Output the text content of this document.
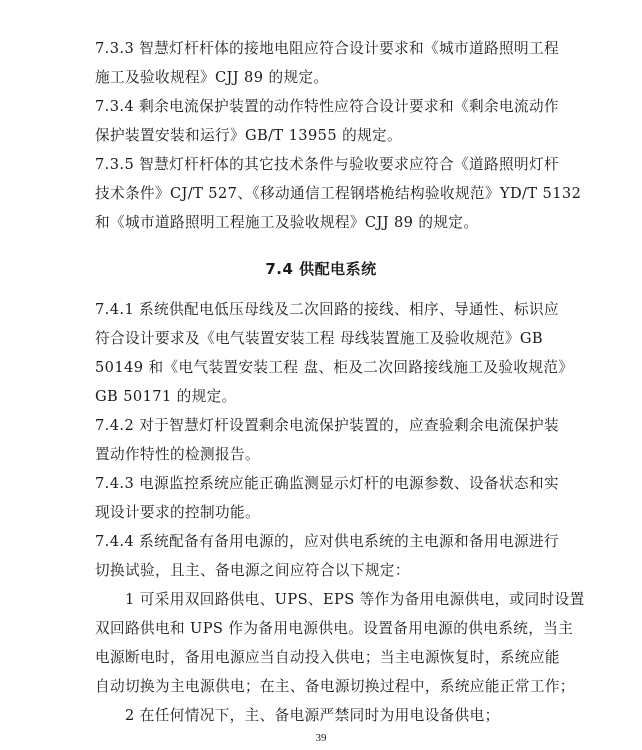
7.3.3 智慧灯杆杆体的接地电阻应符合设计要求和《城市道路照明工程
施工及验收规程》CJJ 89 的规定。
7.3.4 剩余电流保护装置的动作特性应符合设计要求和《剩余电流动作
保护装置安装和运行》GB/T 13955 的规定。
7.3.5 智慧灯杆杆体的其它技术条件与验收要求应符合《道路照明灯杆
技术条件》CJ/T 527、《移动通信工程钢塔桅结构验收规范》YD/T 5132
和《城市道路照明工程施工及验收规程》CJJ 89 的规定。
7.4 供配电系统
7.4.1 系统供配电低压母线及二次回路的接线、相序、导通性、标识应
符合设计要求及《电气装置安装工程 母线装置施工及验收规范》GB
50149 和《电气装置安装工程 盘、柜及二次回路接线施工及验收规范》
GB 50171 的规定。
7.4.2 对于智慧灯杆设置剩余电流保护装置的，应查验剩余电流保护装
置动作特性的检测报告。
7.4.3 电源监控系统应能正确监测显示灯杆的电源参数、设备状态和实
现设计要求的控制功能。
7.4.4 系统配备有备用电源的，应对供电系统的主电源和备用电源进行
切换试验，且主、备电源之间应符合以下规定：
1 可采用双回路供电、UPS、EPS 等作为备用电源供电，或同时设置
双回路供电和 UPS 作为备用电源供电。设置备用电源的供电系统，当主
电源断电时，备用电源应当自动投入供电；当主电源恢复时，系统应能
自动切换为主电源供电；在主、备电源切换过程中，系统应能正常工作；
2 在任何情况下，主、备电源严禁同时为用电设备供电；
39
